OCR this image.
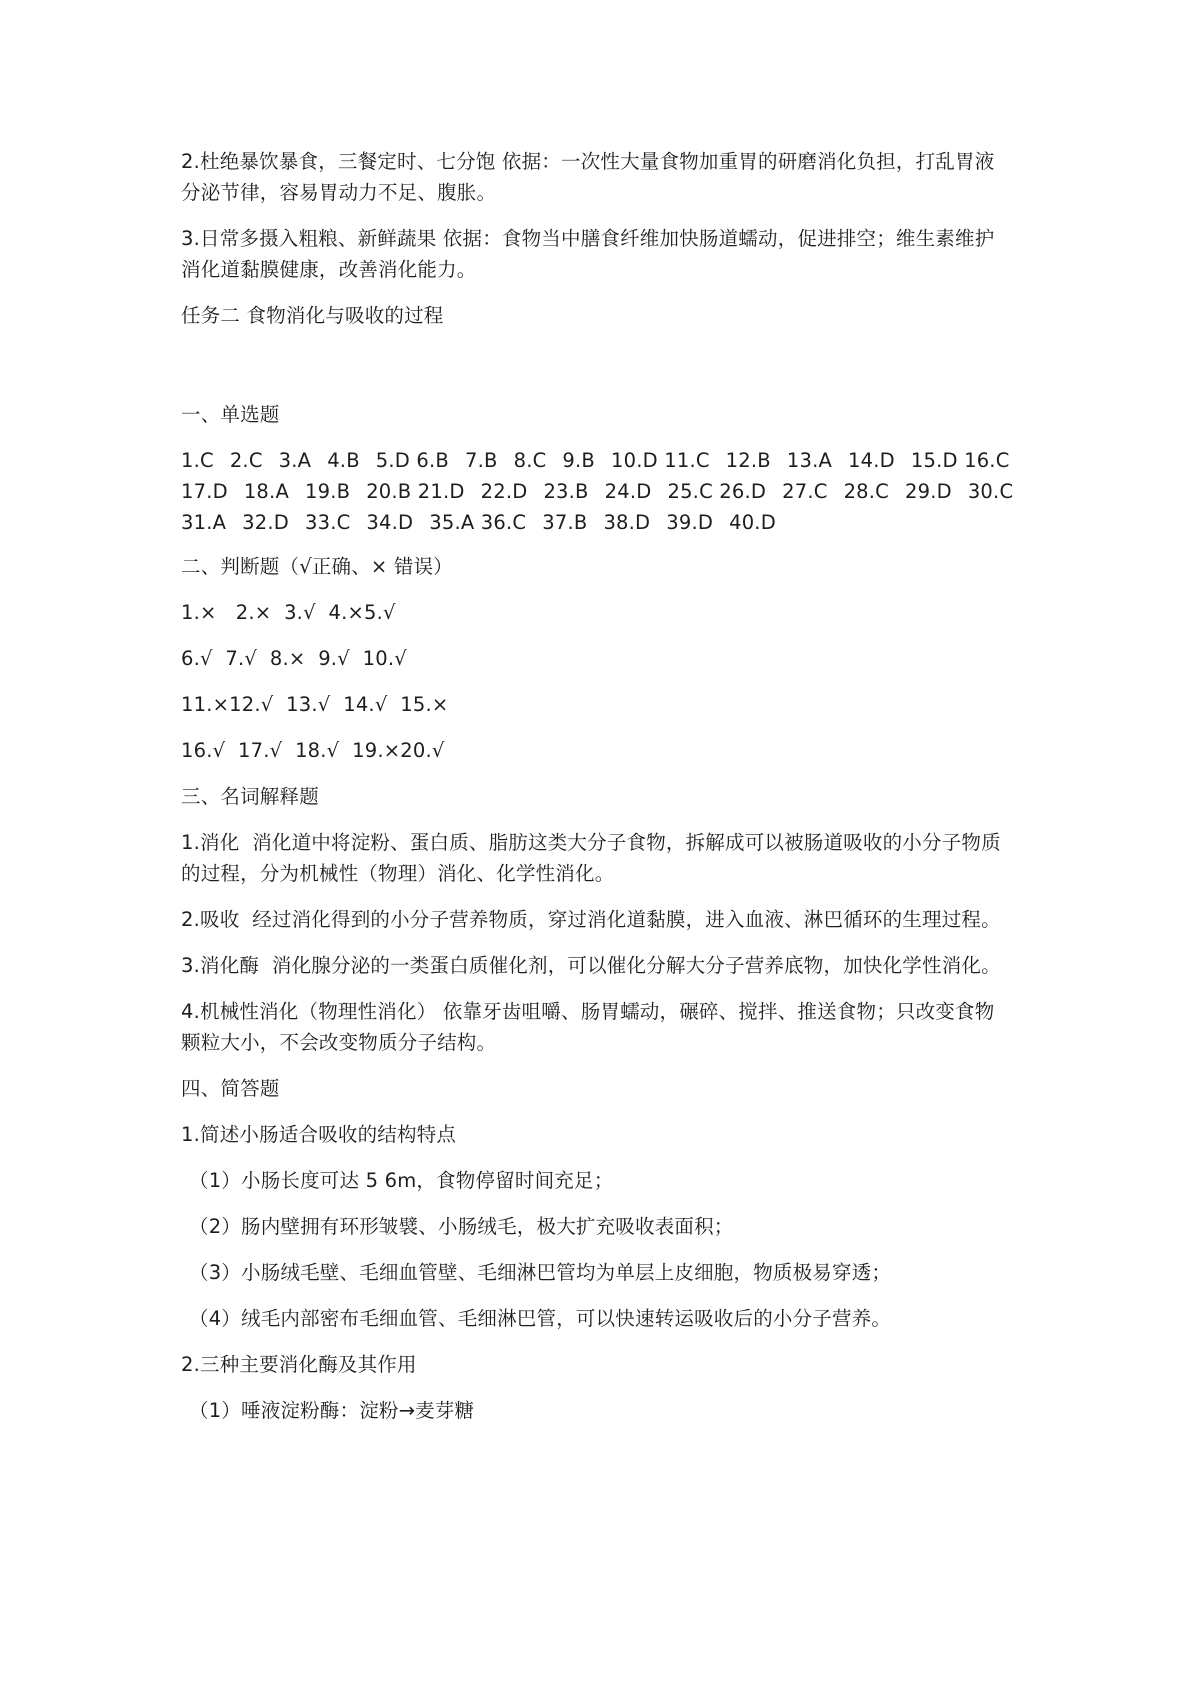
2.杜绝暴饮暴食，三餐定时、七分饱 依据：一次性大量食物加重胃的研磨消化负担，打乱胃液分泌节律，容易胃动力不足、腹胀。

3.日常多摄入粗粮、新鲜蔬果 依据：食物当中膳食纤维加快肠道蠕动，促进排空；维生素维护消化道黏膜健康，改善消化能力。

任务二 食物消化与吸收的过程

一、单选题

1.C 2.C 3.A 4.B 5.D 6.B 7.B 8.C 9.B 10.D 11.C 12.B 13.A 14.D 15.D 16.C

17.D 18.A 19.B 20.B 21.D 22.D 23.B 24.D 25.C 26.D 27.C 28.C 29.D 30.C

31.A 32.D 33.C 34.D 35.A 36.C 37.B 38.D 39.D 40.D

二、判断题（√正确、× 错误）

1.×   2.×  3.√  4.×5.√

6.√  7.√  8.×  9.√  10.√

11.×12.√  13.√  14.√  15.×

16.√  17.√  18.√  19.×20.√

三、名词解释题

1.消化  消化道中将淀粉、蛋白质、脂肪这类大分子食物，拆解成可以被肠道吸收的小分子物质的过程，分为机械性（物理）消化、化学性消化。

2.吸收  经过消化得到的小分子营养物质，穿过消化道黏膜，进入血液、淋巴循环的生理过程。

3.消化酶  消化腺分泌的一类蛋白质催化剂，可以催化分解大分子营养底物，加快化学性消化。

4.机械性消化（物理性消化） 依靠牙齿咀嚼、肠胃蠕动，碾碎、搅拌、推送食物；只改变食物颗粒大小，不会改变物质分子结构。

四、简答题

1.简述小肠适合吸收的结构特点

（1）小肠长度可达 5 6m，食物停留时间充足；

（2）肠内壁拥有环形皱襞、小肠绒毛，极大扩充吸收表面积；

（3）小肠绒毛壁、毛细血管壁、毛细淋巴管均为单层上皮细胞，物质极易穿透；

（4）绒毛内部密布毛细血管、毛细淋巴管，可以快速转运吸收后的小分子营养。

2.三种主要消化酶及其作用

（1）唾液淀粉酶：淀粉→麦芽糖
